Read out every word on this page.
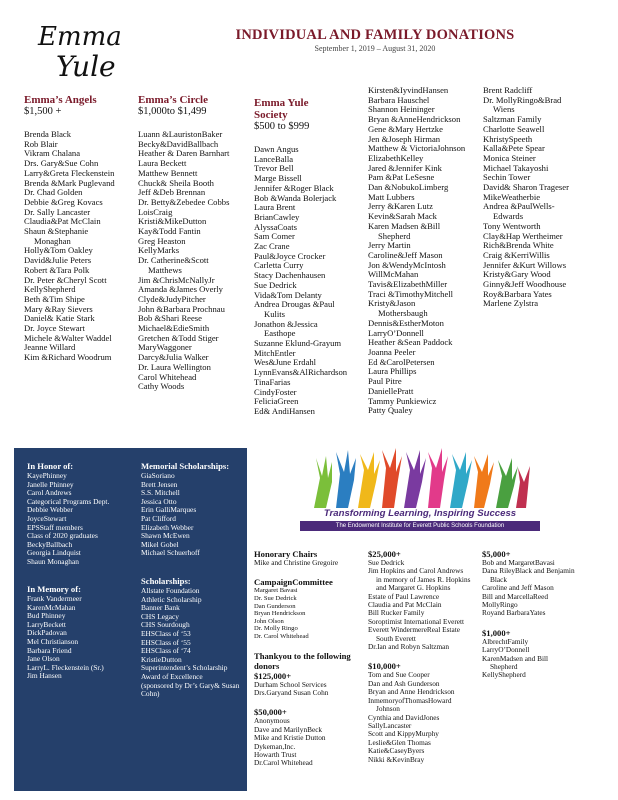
Emma
Yule
INDIVIDUAL AND FAMILY DONATIONS
September 1, 2019 – August 31, 2020
Emma’s Angels
$1,500 +
Brenda Black
Rob Blair
Vikram Chalana
Drs. Gary&Sue Cohn
Larry&Greta Fleckenstein
Brenda &Mark Puglevand
Dr. Chad Golden
Debbie &Greg Kovacs
Dr. Sally Lancaster
Claudia&Pat McClain
Shaun &Stephanie
Monaghan
Holly&Tom Oakley
David&Julie Peters
Robert &Tara Polk
Dr. Peter &Cheryl Scott
KellyShepherd
Beth &Tim Shipe
Mary &Ray Sievers
Daniel& Katie Stark
Dr. Joyce Stewart
Michele &Walter Waddel
Jeanne Willard
Kim &Richard Woodrum
Emma’s Circle
$1,000to $1,499
Luann &LauristonBaker
Becky&DavidBallbach
Heather & Daren Barnhart
Laura Beckett
Matthew Bennett
Chuck& Sheila Booth
Jeff &Deb Brennan
Dr. Betty&Zebedee Cobbs
LoisCraig
Kristi&MikeDutton
Kay&Todd Fantin
Greg Heaston
KellyMarks
Dr. Catherine&Scott
Matthews
Jim &ChrisMcNallyJr
Amanda &James Overly
Clyde&JudyPitcher
John &Barbara Prochnau
Bob &Shari Reese
Michael&EdieSmith
Gretchen &Todd Stiger
MaryWaggoner
Darcy&Julia Walker
Dr. Laura Wellington
Carol Whitehead
Cathy Woods
Emma Yule Society
$500 to $999
Dawn Angus
LanceBalla
Trevor Bell
Marge Bissell
Jennifer &Roger Black
Bob &Wanda Bolerjack
Laura Brent
BrianCawley
AlyssaCoats
Sam Comer
Zac Crane
Paul&Joyce Crocker
Carletta Curry
Stacy Dachenhausen
Sue Dedrick
Vida&Tom Delanty
Andrea Drougas &Paul
Kulits
Jonathon &Jessica
Easthope
Suzanne Eklund-Grayum
MitchEntler
Wes&June Erdahl
LynnEvans&AlRichardson
TinaFarias
CindyFoster
FeliciaGreen
Ed& AndiHansen
Kirsten&IyvindHansen
Barbara Hauschel
Shannon Heininger
Bryan &AnneHendrickson
Gene &Mary Hertzke
Jen &Joseph Hirman
Matthew & VictoriaJohnson
ElizabethKelley
Jared &Jennifer Kink
Pam &Pat LeSesne
Dan &NobukoLimberg
Matt Lubbers
Jerry &Karen Lutz
Kevin&Sarah Mack
Karen Madsen &Bill
Shepherd
Jerry Martin
Caroline&Jeff Mason
Jon &WendyMcIntosh
WillMcMahan
Tavis&ElizabethMiller
Traci &TimothyMitchell
Kristy&Jason
Mothersbaugh
Dennis&EstherMoton
LarryO’Donnell
Heather &Sean Paddock
Joanna Peeler
Ed &CarolPetersen
Laura Phillips
Paul Pitre
DaniellePratt
Tammy Punkiewicz
Patty Qualey
Brent Radcliff
Dr. MollyRingo&Brad
Wiens
Saltzman Family
Charlotte Seawell
KhristySpeeth
Kalla&Pete Spear
Monica Steiner
Michael Takayoshi
Sechin Tower
David& Sharon Trageser
MikeWeatherbie
Andrea &PaulWells-
Edwards
Tony Wentworth
Clay&Hap Wertheimer
Rich&Brenda White
Craig &KerriWillis
Jennifer &Kurt Willows
Kristy&Gary Wood
Ginny&Jeff Woodhouse
Roy&Barbara Yates
Marlene Zylstra
In Honor of:
KayePhinney
Janelle Phinney
Carol Andrews
Categorical Programs Dept.
Debbie Webber
JoyceStewart
EPSStaff members
Class of 2020 graduates
BeckyBallbach
Georgia Lindquist
Shaun Monaghan
In Memory of:
Frank Vandermeer
KarenMcMahan
Bud Phinney
LarryBeckett
DickPadovan
Mel Christianson
Barbara Friend
Jane Olson
LarryL. Fleckenstein (Sr.)
Jim Hansen
Memorial Scholarships:
GiaSoriano
Brett Jensen
S.S. Mitchell
Jessica Otto
Erin GalliMarques
Pat Clifford
Elizabeth Webber
Shawn McEwen
Mikel Gobel
Michael Schuerhoff
Scholarships:
Allstate Foundation
Athletic Scholarship
Banner Bank
CHS Legacy
CHS Sourdough
EHSClass of ‘53
EHSClass of ‘55
EHSClass of ‘74
KristieDutton
Superintendent’s Scholarship Award of Excellence
(sponsored by Dr’s Gary& Susan Cohn)
Transforming Learning, Inspiring Success
The Endowment Institute for Everett Public Schools Foundation
Honorary Chairs
Mike and Christine Gregoire
CampaignCommittee
Margaret Bavasi
Dr. Sue Dedrick
Dan Gunderson
Bryan Hendrickson
John Olson
Dr. Molly Ringo
Dr. Carol Whitehead
Thankyou to the following donors
$125,000+
Durham School Services
Drs.Garyand Susan Cohn
$50,000+
Anonymous
Dave and MarilynBeck
Mike and Kristie Dutton
Dykeman,Inc.
Howarth Trust
Dr.Carol Whitehead
$25,000+
Sue Dedrick
Jim Hopkins and Carol Andrews
in memory of James R. Hopkins
and Margaret G. Hopkins
Estate of Paul Lawrence
Claudia and Pat McClain
Bill Rucker Family
Soroptimist International Everett
Everett WindermereReal Estate
South Everett
Dr.Ian and Robyn Saltzman
$10,000+
Tom and Sue Cooper
Dan and Ash Gunderson
Bryan and Anne Hendrickson
InmemoryofThomasHoward
Johnson
Cynthia and DavidJones
SallyLancaster
Scott and KippyMurphy
Leslie&Glen Thomas
Katie&CaseyByers
Nikki &KevinBray
$5,000+
Bob and MargaretBavasi
Dana RileyBlack and Benjamin
Black
Caroline and Jeff Mason
Bill and MarcellaReed
MollyRingo
Royand BarbaraYates
$1,000+
AlbrechtFamily
LarryO’Donnell
KarenMadsen and Bill
Shepherd
KellyShepherd
